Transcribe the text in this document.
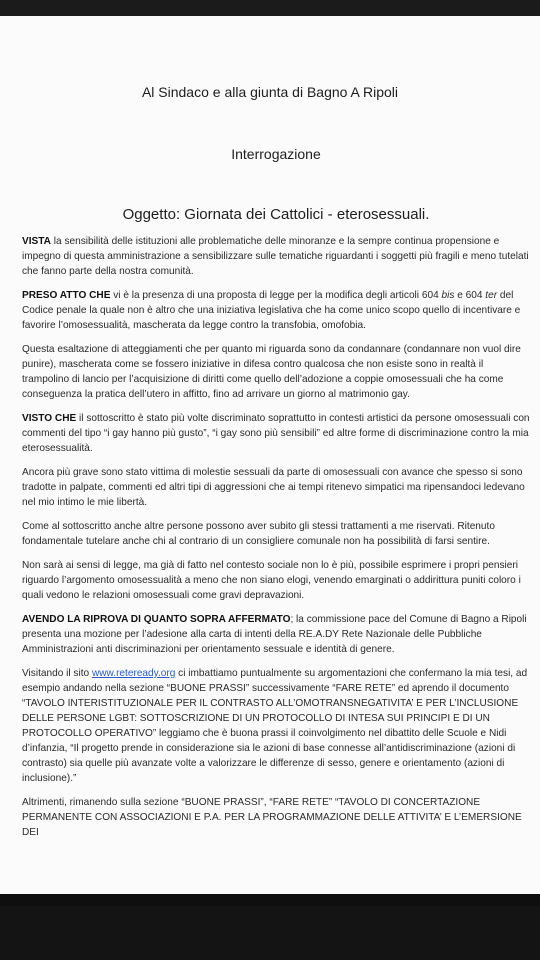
Al Sindaco e alla giunta di Bagno A Ripoli
Interrogazione
Oggetto: Giornata dei Cattolici - eterosessuali.

VISTA la sensibilità delle istituzioni alle problematiche delle minoranze e la sempre continua propensione e impegno di questa amministrazione a sensibilizzare sulle tematiche riguardanti i soggetti più fragili e meno tutelati che fanno parte della nostra comunità.

PRESO ATTO CHE vi è la presenza di una proposta di legge per la modifica degli articoli 604 bis e 604 ter del Codice penale la quale non è altro che una iniziativa legislativa che ha come unico scopo quello di incentivare e favorire l’omosessualità, mascherata da legge contro la transfobia, omofobia.

Questa esaltazione di atteggiamenti che per quanto mi riguarda sono da condannare (condannare non vuol dire punire), mascherata come se fossero iniziative in difesa contro qualcosa che non esiste sono in realtà il trampolino di lancio per l’acquisizione di diritti come quello dell’adozione a coppie omosessuali che ha come conseguenza la pratica dell’utero in affitto, fino ad arrivare un giorno al matrimonio gay.

VISTO CHE il sottoscritto è stato più volte discriminato soprattutto in contesti artistici da persone omosessuali con commenti del tipo “i gay hanno più gusto”, “i gay sono più sensibili” ed altre forme di discriminazione contro la mia eterosessualità.

Ancora più grave sono stato vittima di molestie sessuali da parte di omosessuali con avance che spesso si sono tradotte in palpate, commenti ed altri tipi di aggressioni che ai tempi ritenevo simpatici ma ripensandoci ledevano nel mio intimo le mie libertà.

Come al sottoscritto anche altre persone possono aver subito gli stessi trattamenti a me riservati. Ritenuto fondamentale tutelare anche chi al contrario di un consigliere comunale non ha possibilità di farsi sentire.

Non sarà ai sensi di legge, ma già di fatto nel contesto sociale non lo è più, possibile esprimere i propri pensieri riguardo l’argomento omosessualità a meno che non siano elogi, venendo emarginati o addirittura puniti coloro i quali vedono le relazioni omosessuali come gravi depravazioni.

AVENDO LA RIPROVA DI QUANTO SOPRA AFFERMATO; la commissione pace del Comune di Bagno a Ripoli presenta una mozione per l’adesione alla carta di intenti della RE.A.DY Rete Nazionale delle Pubbliche Amministrazioni anti discriminazioni per orientamento sessuale e identità di genere.

Visitando il sito www.reteready.org ci imbattiamo puntualmente su argomentazioni che confermano la mia tesi, ad esempio andando nella sezione “BUONE PRASSI” successivamente “FARE RETE” ed aprendo il documento “TAVOLO INTERISTITUZIONALE PER IL CONTRASTO ALL’OMOTRANSNEGATIVITA’ E PER L’INCLUSIONE DELLE PERSONE LGBT: SOTTOSCRIZIONE DI UN PROTOCOLLO DI INTESA SUI PRINCIPI E DI UN PROTOCOLLO OPERATIVO” leggiamo che è buona prassi il coinvolgimento nel dibattito delle Scuole e Nidi d’infanzia, “Il progetto prende in considerazione sia le azioni di base connesse all’antidiscriminazione (azioni di contrasto) sia quelle più avanzate volte a valorizzare le differenze di sesso, genere e orientamento (azioni di inclusione).”

Altrimenti, rimanendo sulla sezione “BUONE PRASSI”, “FARE RETE” “TAVOLO DI CONCERTAZIONE PERMANENTE CON ASSOCIAZIONI E P.A. PER LA PROGRAMMAZIONE DELLE ATTIVITA’ E L’EMERSIONE DEI
